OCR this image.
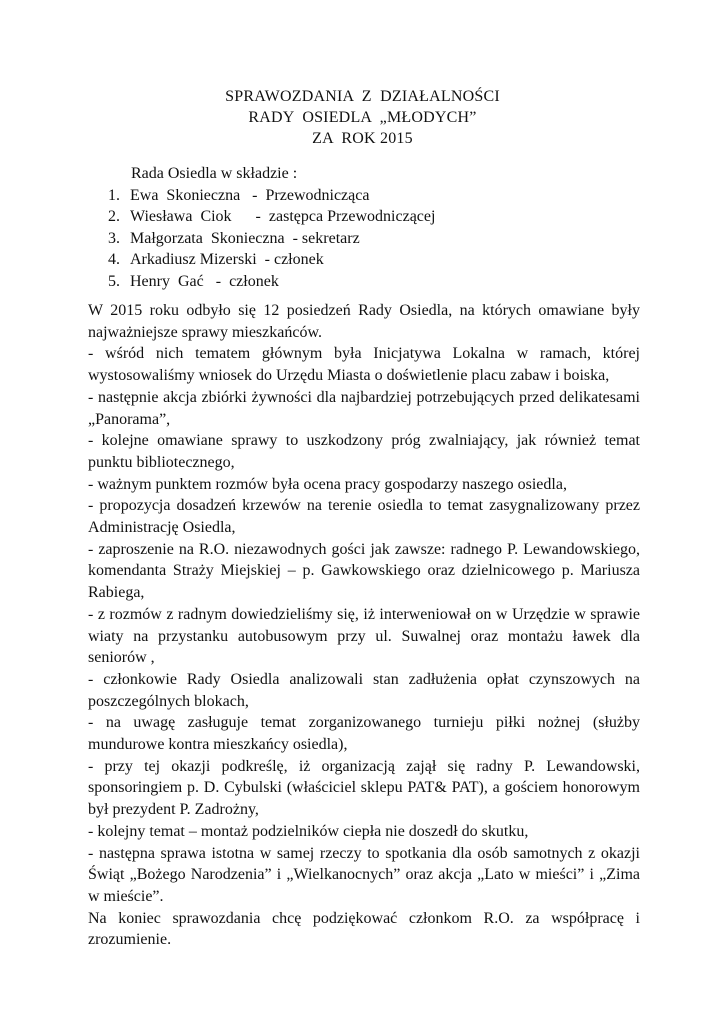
SPRAWOZDANIA  Z  DZIAŁALNOŚCI
RADY  OSIEDLA  „MŁODYCH”
ZA  ROK 2015
Rada Osiedla w składzie :
1. Ewa  Skonieczna   -  Przewodnicząca
2. Wiesława  Ciok      -  zastępca Przewodniczącej
3. Małgorzata  Skonieczna  - sekretarz
4. Arkadiusz Mizerski  - członek
5. Henry  Gać   -  członek

W 2015 roku odbyło się 12 posiedzeń Rady Osiedla, na których omawiane były najważniejsze sprawy mieszkańców.

- wśród nich tematem głównym była Inicjatywa Lokalna w ramach, której wystosowaliśmy wniosek do Urzędu Miasta o doświetlenie placu zabaw i boiska,

- następnie akcja zbiórki żywności dla najbardziej potrzebujących przed delikatesami „Panorama”,

- kolejne omawiane sprawy to uszkodzony próg zwalniający, jak również temat punktu bibliotecznego,

- ważnym punktem rozmów była ocena pracy gospodarzy naszego osiedla,

- propozycja dosadzeń krzewów na terenie osiedla to temat zasygnalizowany przez Administrację Osiedla,

- zaproszenie na R.O. niezawodnych gości jak zawsze: radnego P. Lewandowskiego, komendanta Straży Miejskiej – p. Gawkowskiego oraz dzielnicowego p. Mariusza Rabiega,

- z rozmów z radnym dowiedzieliśmy się, iż interweniował on w Urzędzie w sprawie wiaty na przystanku autobusowym przy ul. Suwalnej oraz montażu ławek dla seniorów ,

- członkowie Rady Osiedla analizowali stan zadłużenia opłat czynszowych na poszczególnych blokach,

- na uwagę zasługuje temat zorganizowanego turnieju piłki nożnej (służby mundurowe kontra mieszkańcy osiedla),

- przy tej okazji podkreślę, iż organizacją zajął się radny P. Lewandowski, sponsoringiem p. D. Cybulski (właściciel sklepu PAT& PAT), a gościem honorowym był prezydent P. Zadrożny,

- kolejny temat – montaż podzielników ciepła nie doszedł do skutku,

- następna sprawa istotna w samej rzeczy to spotkania dla osób samotnych z okazji Świąt „Bożego Narodzenia” i „Wielkanocnych” oraz akcja „Lato w mieści” i „Zima w mieście”.

Na koniec sprawozdania chcę podziękować członkom R.O. za współpracę i zrozumienie.
